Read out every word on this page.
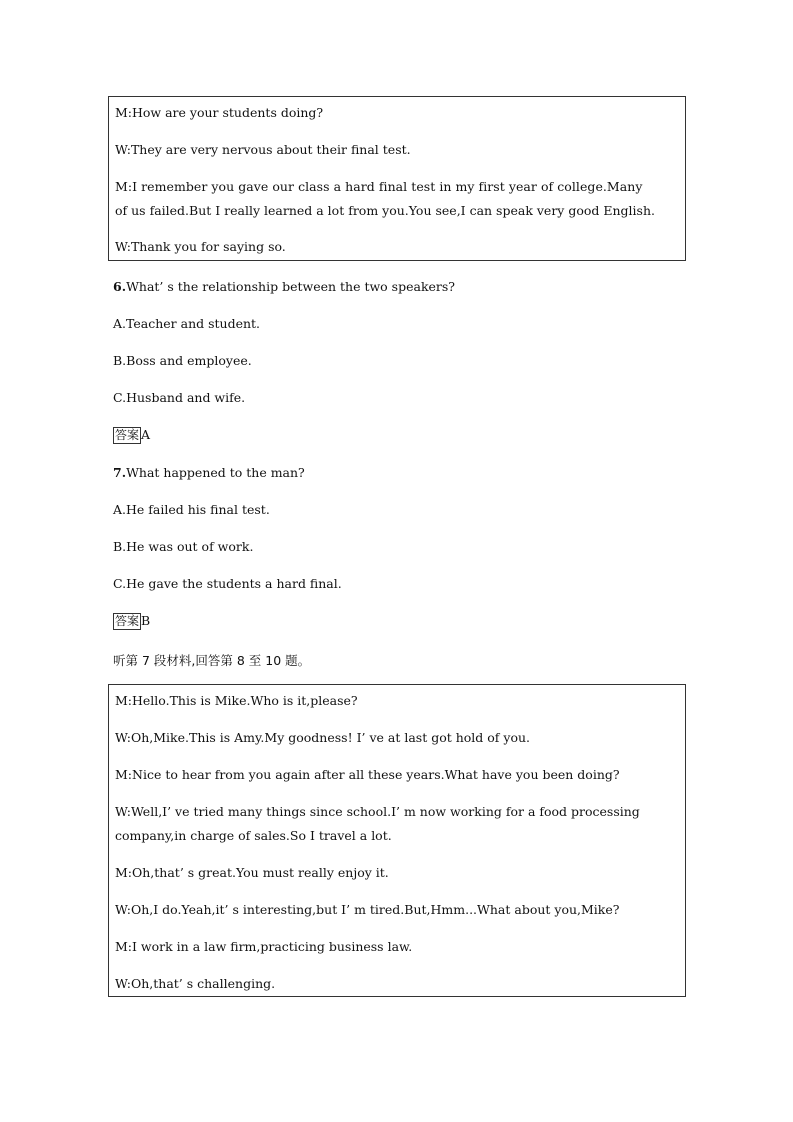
M:How are your students doing?
W:They are very nervous about their final test.
M:I remember you gave our class a hard final test in my first year of college.Many
of us failed.But I really learned a lot from you.You see,I can speak very good English.
W:Thank you for saying so.
6.What’ s the relationship between the two speakers?
A.Teacher and student.
B.Boss and employee.
C.Husband and wife.
答案 A
7.What happened to the man?
A.He failed his final test.
B.He was out of work.
C.He gave the students a hard final.
答案 B
听第 7 段材料,回答第 8 至 10 题。
M:Hello.This is Mike.Who is it,please?
W:Oh,Mike.This is Amy.My goodness! I’ ve at last got hold of you.
M:Nice to hear from you again after all these years.What have you been doing?
W:Well,I’ ve tried many things since school.I’ m now working for a food processing
company,in charge of sales.So I travel a lot.
M:Oh,that’ s great.You must really enjoy it.
W:Oh,I do.Yeah,it’ s interesting,but I’ m tired.But,Hmm...What about you,Mike?
M:I work in a law firm,practicing business law.
W:Oh,that’ s challenging.
